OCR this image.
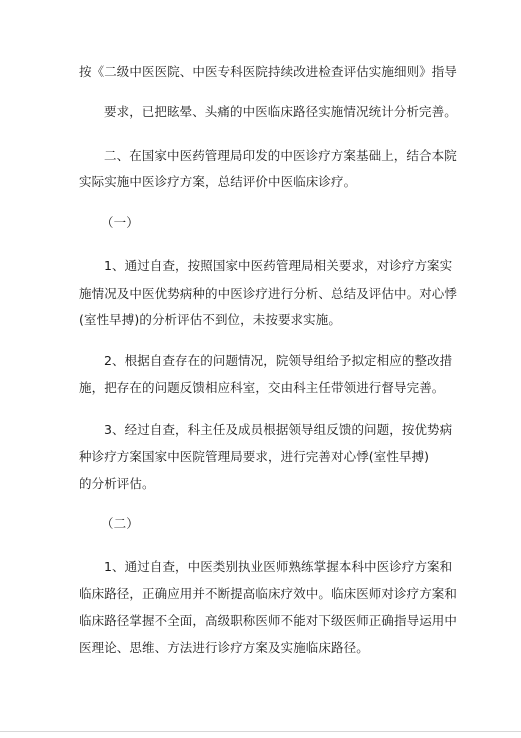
按《二级中医医院、中医专科医院持续改进检查评估实施细则》指导
要求，已把眩晕、头痛的中医临床路径实施情况统计分析完善。
二、在国家中医药管理局印发的中医诊疗方案基础上，结合本院
实际实施中医诊疗方案，总结评价中医临床诊疗。
（一）
1、通过自查，按照国家中医药管理局相关要求，对诊疗方案实
施情况及中医优势病种的中医诊疗进行分析、总结及评估中。对心悸
(室性早搏)的分析评估不到位，未按要求实施。
2、根据自查存在的问题情况，院领导组给予拟定相应的整改措
施，把存在的问题反馈相应科室，交由科主任带领进行督导完善。
3、经过自查，科主任及成员根据领导组反馈的问题，按优势病
种诊疗方案国家中医院管理局要求，进行完善对心悸(室性早搏)
的分析评估。
（二）
1、通过自查，中医类别执业医师熟练掌握本科中医诊疗方案和
临床路径，正确应用并不断提高临床疗效中。临床医师对诊疗方案和
临床路径掌握不全面，高级职称医师不能对下级医师正确指导运用中
医理论、思维、方法进行诊疗方案及实施临床路径。
